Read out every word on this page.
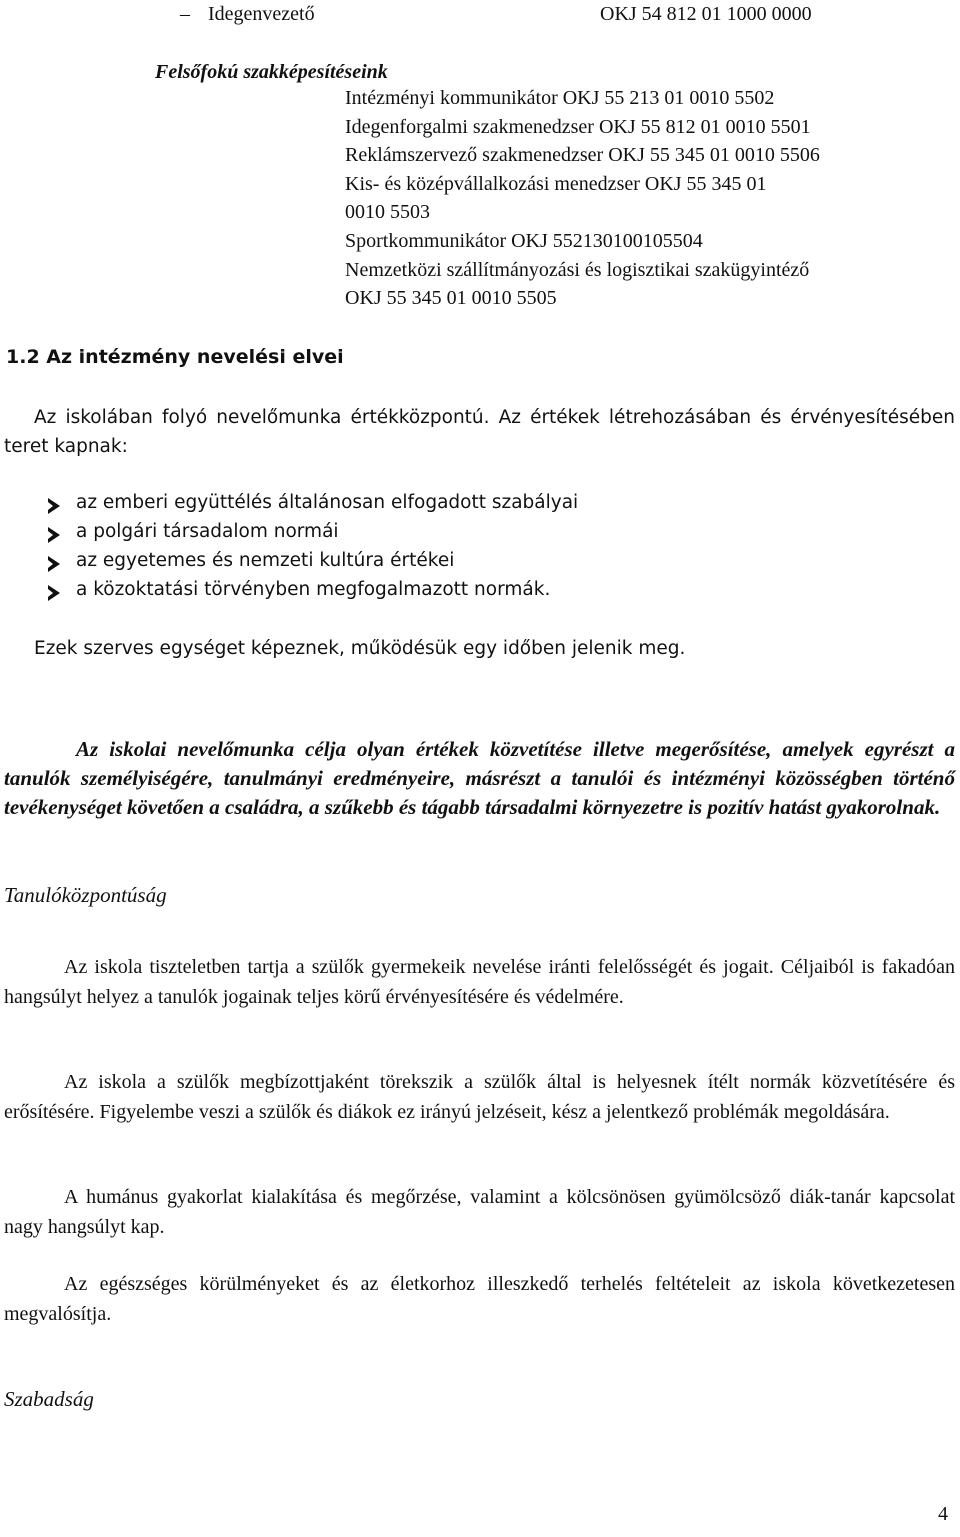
– Idegenvezető	OKJ 54 812 01 1000 0000
Felsőfokú szakképesítéseink
Intézményi kommunikátor OKJ 55 213 01 0010 5502
Idegenforgalmi szakmenedzser OKJ 55 812 01 0010 5501
Reklámszervező szakmenedzser OKJ 55 345 01 0010 5506
Kis- és középvállalkozási menedzser OKJ 55 345 01
0010 5503
Sportkommunikátor OKJ 552130100105504
Nemzetközi szállítmányozási és logisztikai szakügyintéző
OKJ 55 345 01 0010 5505
1.2 Az intézmény nevelési elvei
Az iskolában folyó nevelőmunka értékközpontú. Az értékek létrehozásában és érvényesítésében teret kapnak:
az emberi együttélés általánosan elfogadott szabályai
a polgári társadalom normái
az egyetemes és nemzeti kultúra értékei
a közoktatási törvényben megfogalmazott normák.
Ezek szerves egységet képeznek, működésük egy időben jelenik meg.
Az iskolai nevelőmunka célja olyan értékek közvetítése illetve megerősítése, amelyek egyrészt a tanulók személyiségére, tanulmányi eredményeire, másrészt a tanulói és intézményi közösségben történő tevékenységet követően a családra, a szűkebb és tágabb társadalmi környezetre is pozitív hatást gyakorolnak.
Tanulóközpontúság
Az iskola tiszteletben tartja a szülők gyermekeik nevelése iránti felelősségét és jogait. Céljaiból is fakadóan hangsúlyt helyez a tanulók jogainak teljes körű érvényesítésére és védelmére.
Az iskola a szülők megbízottjaként törekszik a szülők által is helyesnek ítélt normák közvetítésére és erősítésére. Figyelembe veszi a szülők és diákok ez irányú jelzéseit, kész a jelentkező problémák megoldására.
A humánus gyakorlat kialakítása és megőrzése, valamint a kölcsönösen gyümölcsöző diák-tanár kapcsolat nagy hangsúlyt kap.
Az egészséges körülményeket és az életkorhoz illeszkedő terhelés feltételeit az iskola következetesen megvalósítja.
Szabadság
4
